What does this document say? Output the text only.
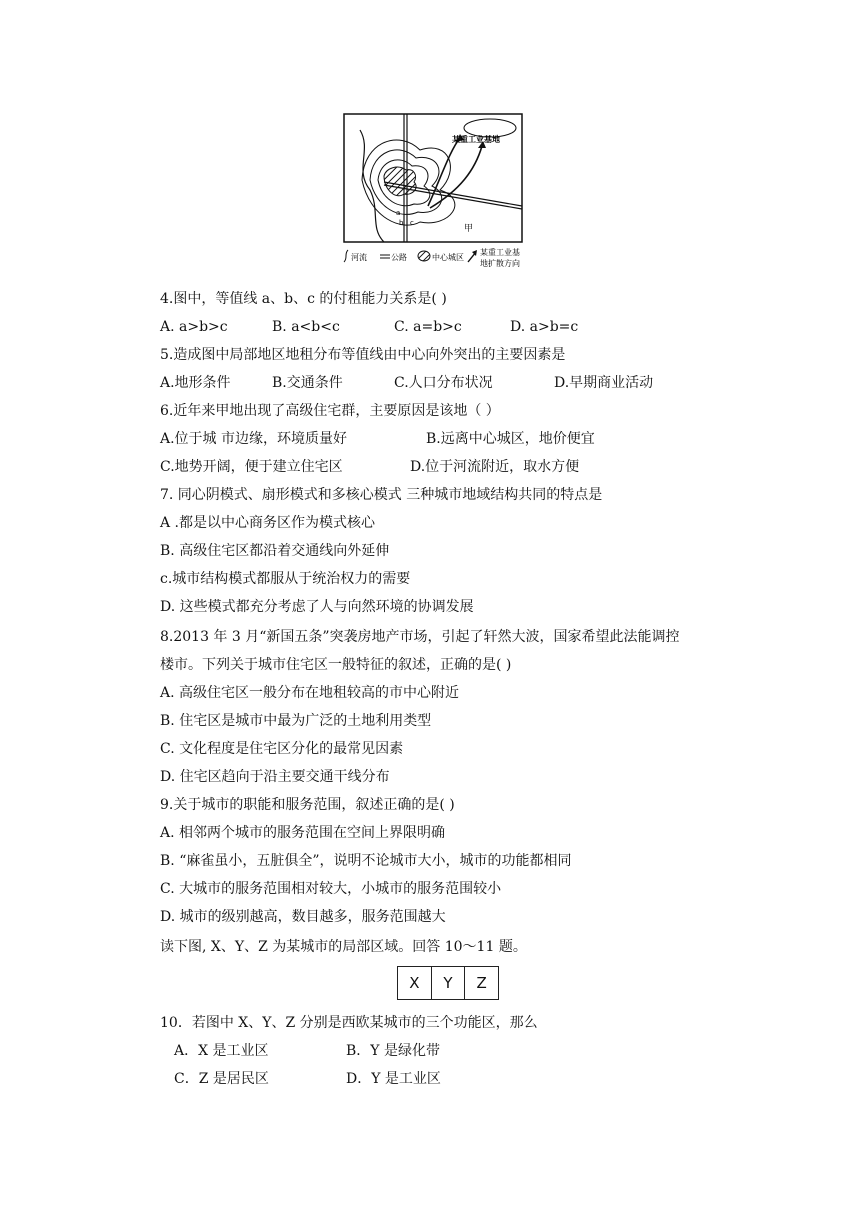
某重工业基地
甲
a
b c
河流	公路	中心城区
某重工业基
地扩散方向
4.图中，等值线 a、b、c 的付租能力关系是( )
A. a>b>c	B. a<b<c	C. a=b>c	D. a>b=c
5.造成图中局部地区地租分布等值线由中心向外突出的主要因素是
A.地形条件	B.交通条件	C.人口分布状况	D.早期商业活动
6.近年来甲地出现了高级住宅群，主要原因是该地（ ）
A.位于城 市边缘，环境质量好	B.远离中心城区，地价便宜
C.地势开阔，便于建立住宅区	D.位于河流附近，取水方便
7. 同心阴模式、扇形模式和多核心模式 三种城市地域结构共同的特点是
A .都是以中心商务区作为模式核心
B. 高级住宅区都沿着交通线向外延伸
c.城市结构模式都服从于统治权力的需要
D. 这些模式都充分考虑了人与向然环境的协调发展
8.2013 年 3 月“新国五条”突袭房地产市场，引起了轩然大波，国家希望此法能调控
楼市。下列关于城市住宅区一般特征的叙述，正确的是( )
A. 高级住宅区一般分布在地租较高的市中心附近
B. 住宅区是城市中最为广泛的土地利用类型
C. 文化程度是住宅区分化的最常见因素
D. 住宅区趋向于沿主要交通干线分布
9.关于城市的职能和服务范围，叙述正确的是( )
A. 相邻两个城市的服务范围在空间上界限明确
B. “麻雀虽小，五脏俱全”，说明不论城市大小，城市的功能都相同
C. 大城市的服务范围相对较大，小城市的服务范围较小
D. 城市的级别越高，数目越多，服务范围越大
读下图, X、Y、Z 为某城市的局部区域。回答 10～11 题。
X	Y	Z
10．若图中 X、Y、Z 分别是西欧某城市的三个功能区，那么
A．X 是工业区	B．Y 是绿化带
C．Z 是居民区	D．Y 是工业区
